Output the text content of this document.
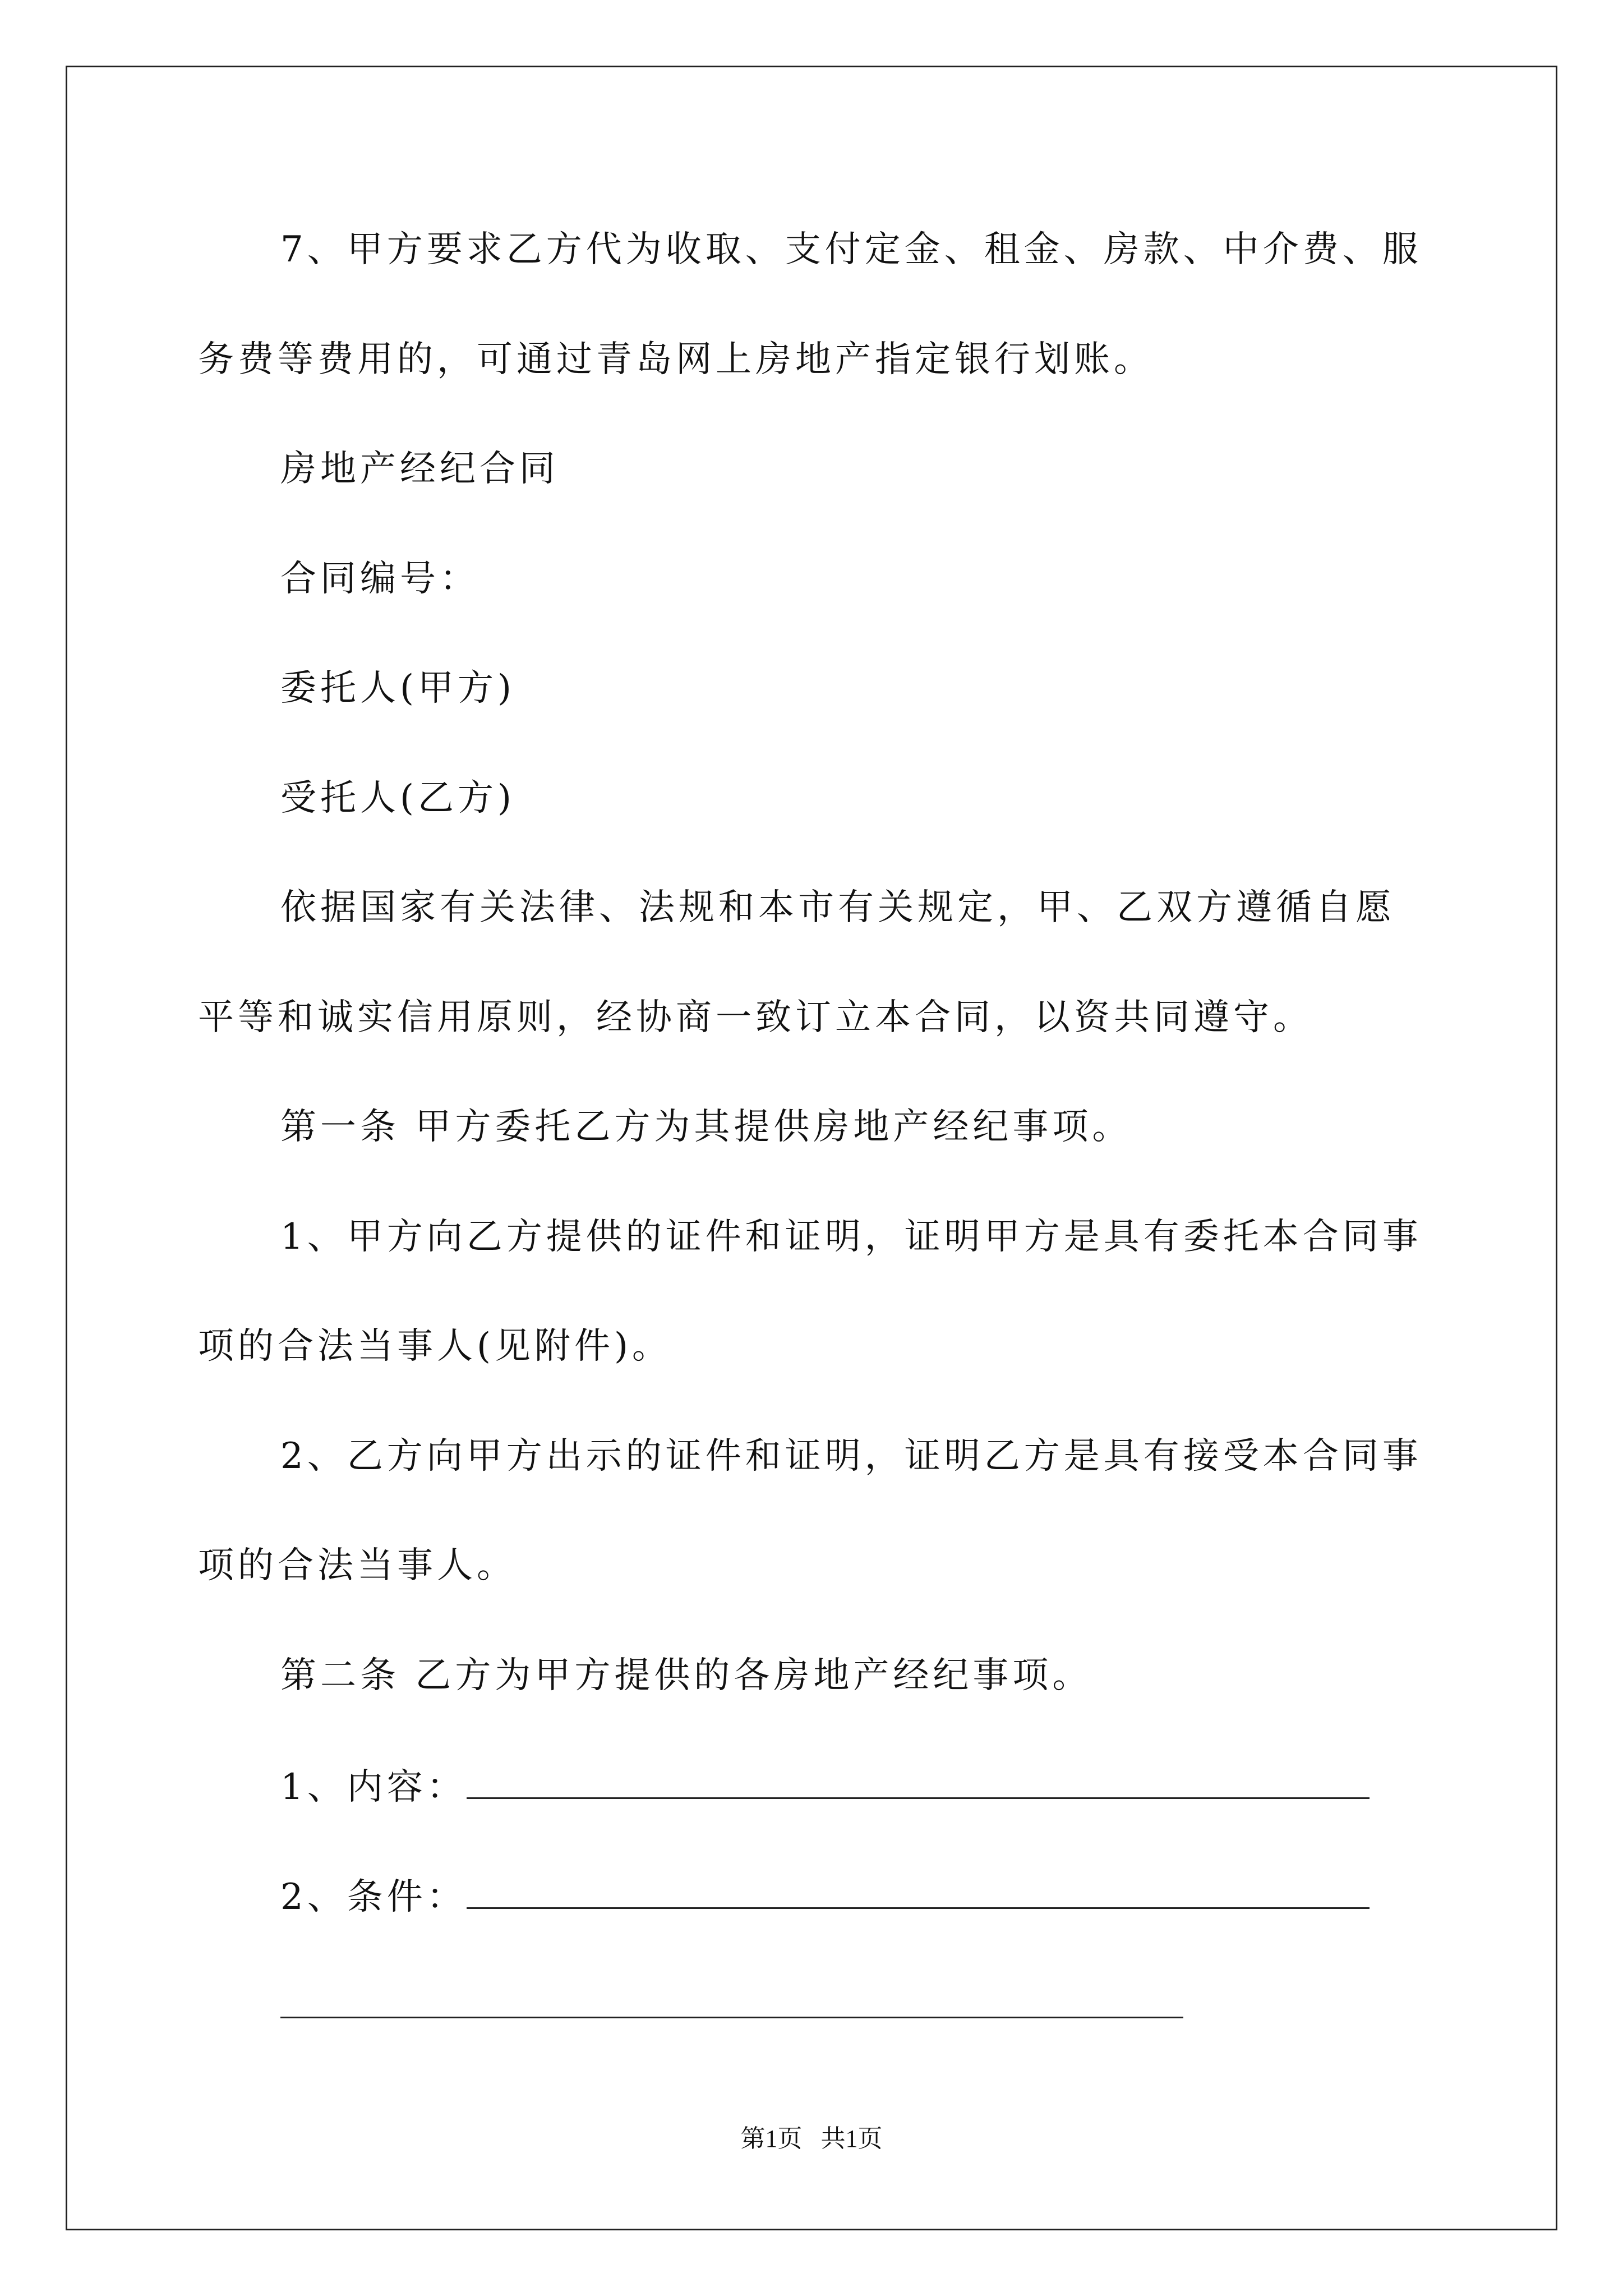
7、甲方要求乙方代为收取、支付定金、租金、房款、中介费、服
务费等费用的，可通过青岛网上房地产指定银行划账。
房地产经纪合同
合同编号：
委托人(甲方)
受托人(乙方)
依据国家有关法律、法规和本市有关规定，甲、乙双方遵循自愿
平等和诚实信用原则，经协商一致订立本合同，以资共同遵守。
第一条 甲方委托乙方为其提供房地产经纪事项。
1、甲方向乙方提供的证件和证明，证明甲方是具有委托本合同事
项的合法当事人(见附件)。
2、乙方向甲方出示的证件和证明，证明乙方是具有接受本合同事
项的合法当事人。
第二条 乙方为甲方提供的各房地产经纪事项。
1、内容：
2、条件：
第1页 共1页
